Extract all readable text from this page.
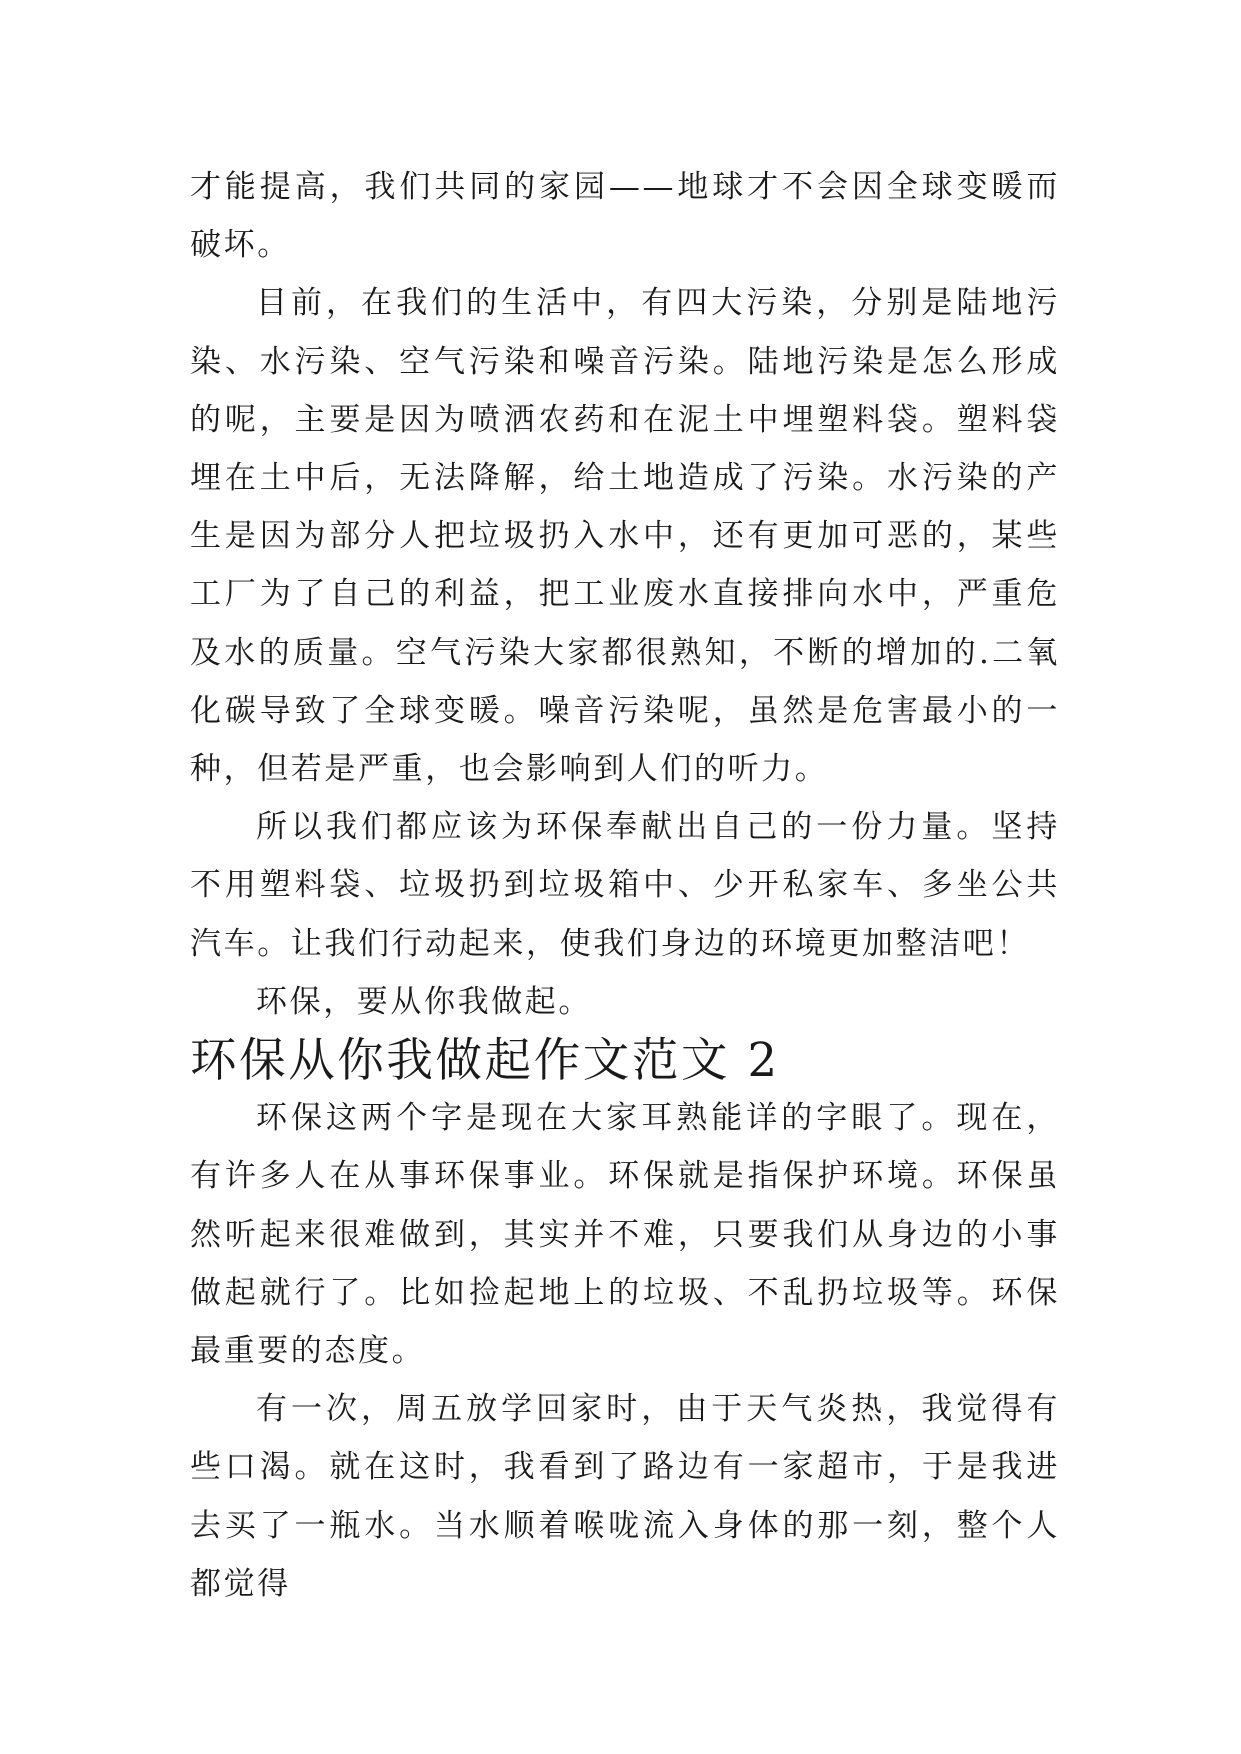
才能提高，我们共同的家园——地球才不会因全球变暖而破坏。

目前，在我们的生活中，有四大污染，分别是陆地污染、水污染、空气污染和噪音污染。陆地污染是怎么形成的呢，主要是因为喷洒农药和在泥土中埋塑料袋。塑料袋埋在土中后，无法降解，给土地造成了污染。水污染的产生是因为部分人把垃圾扔入水中，还有更加可恶的，某些工厂为了自己的利益，把工业废水直接排向水中，严重危及水的质量。空气污染大家都很熟知，不断的增加的.二氧化碳导致了全球变暖。噪音污染呢，虽然是危害最小的一种，但若是严重，也会影响到人们的听力。

所以我们都应该为环保奉献出自己的一份力量。坚持不用塑料袋、垃圾扔到垃圾箱中、少开私家车、多坐公共汽车。让我们行动起来，使我们身边的环境更加整洁吧！

环保，要从你我做起。

环保从你我做起作文范文 2

环保这两个字是现在大家耳熟能详的字眼了。现在，有许多人在从事环保事业。环保就是指保护环境。环保虽然听起来很难做到，其实并不难，只要我们从身边的小事做起就行了。比如捡起地上的垃圾、不乱扔垃圾等。环保最重要的态度。

有一次，周五放学回家时，由于天气炎热，我觉得有些口渴。就在这时，我看到了路边有一家超市，于是我进去买了一瓶水。当水顺着喉咙流入身体的那一刻，整个人都觉得
